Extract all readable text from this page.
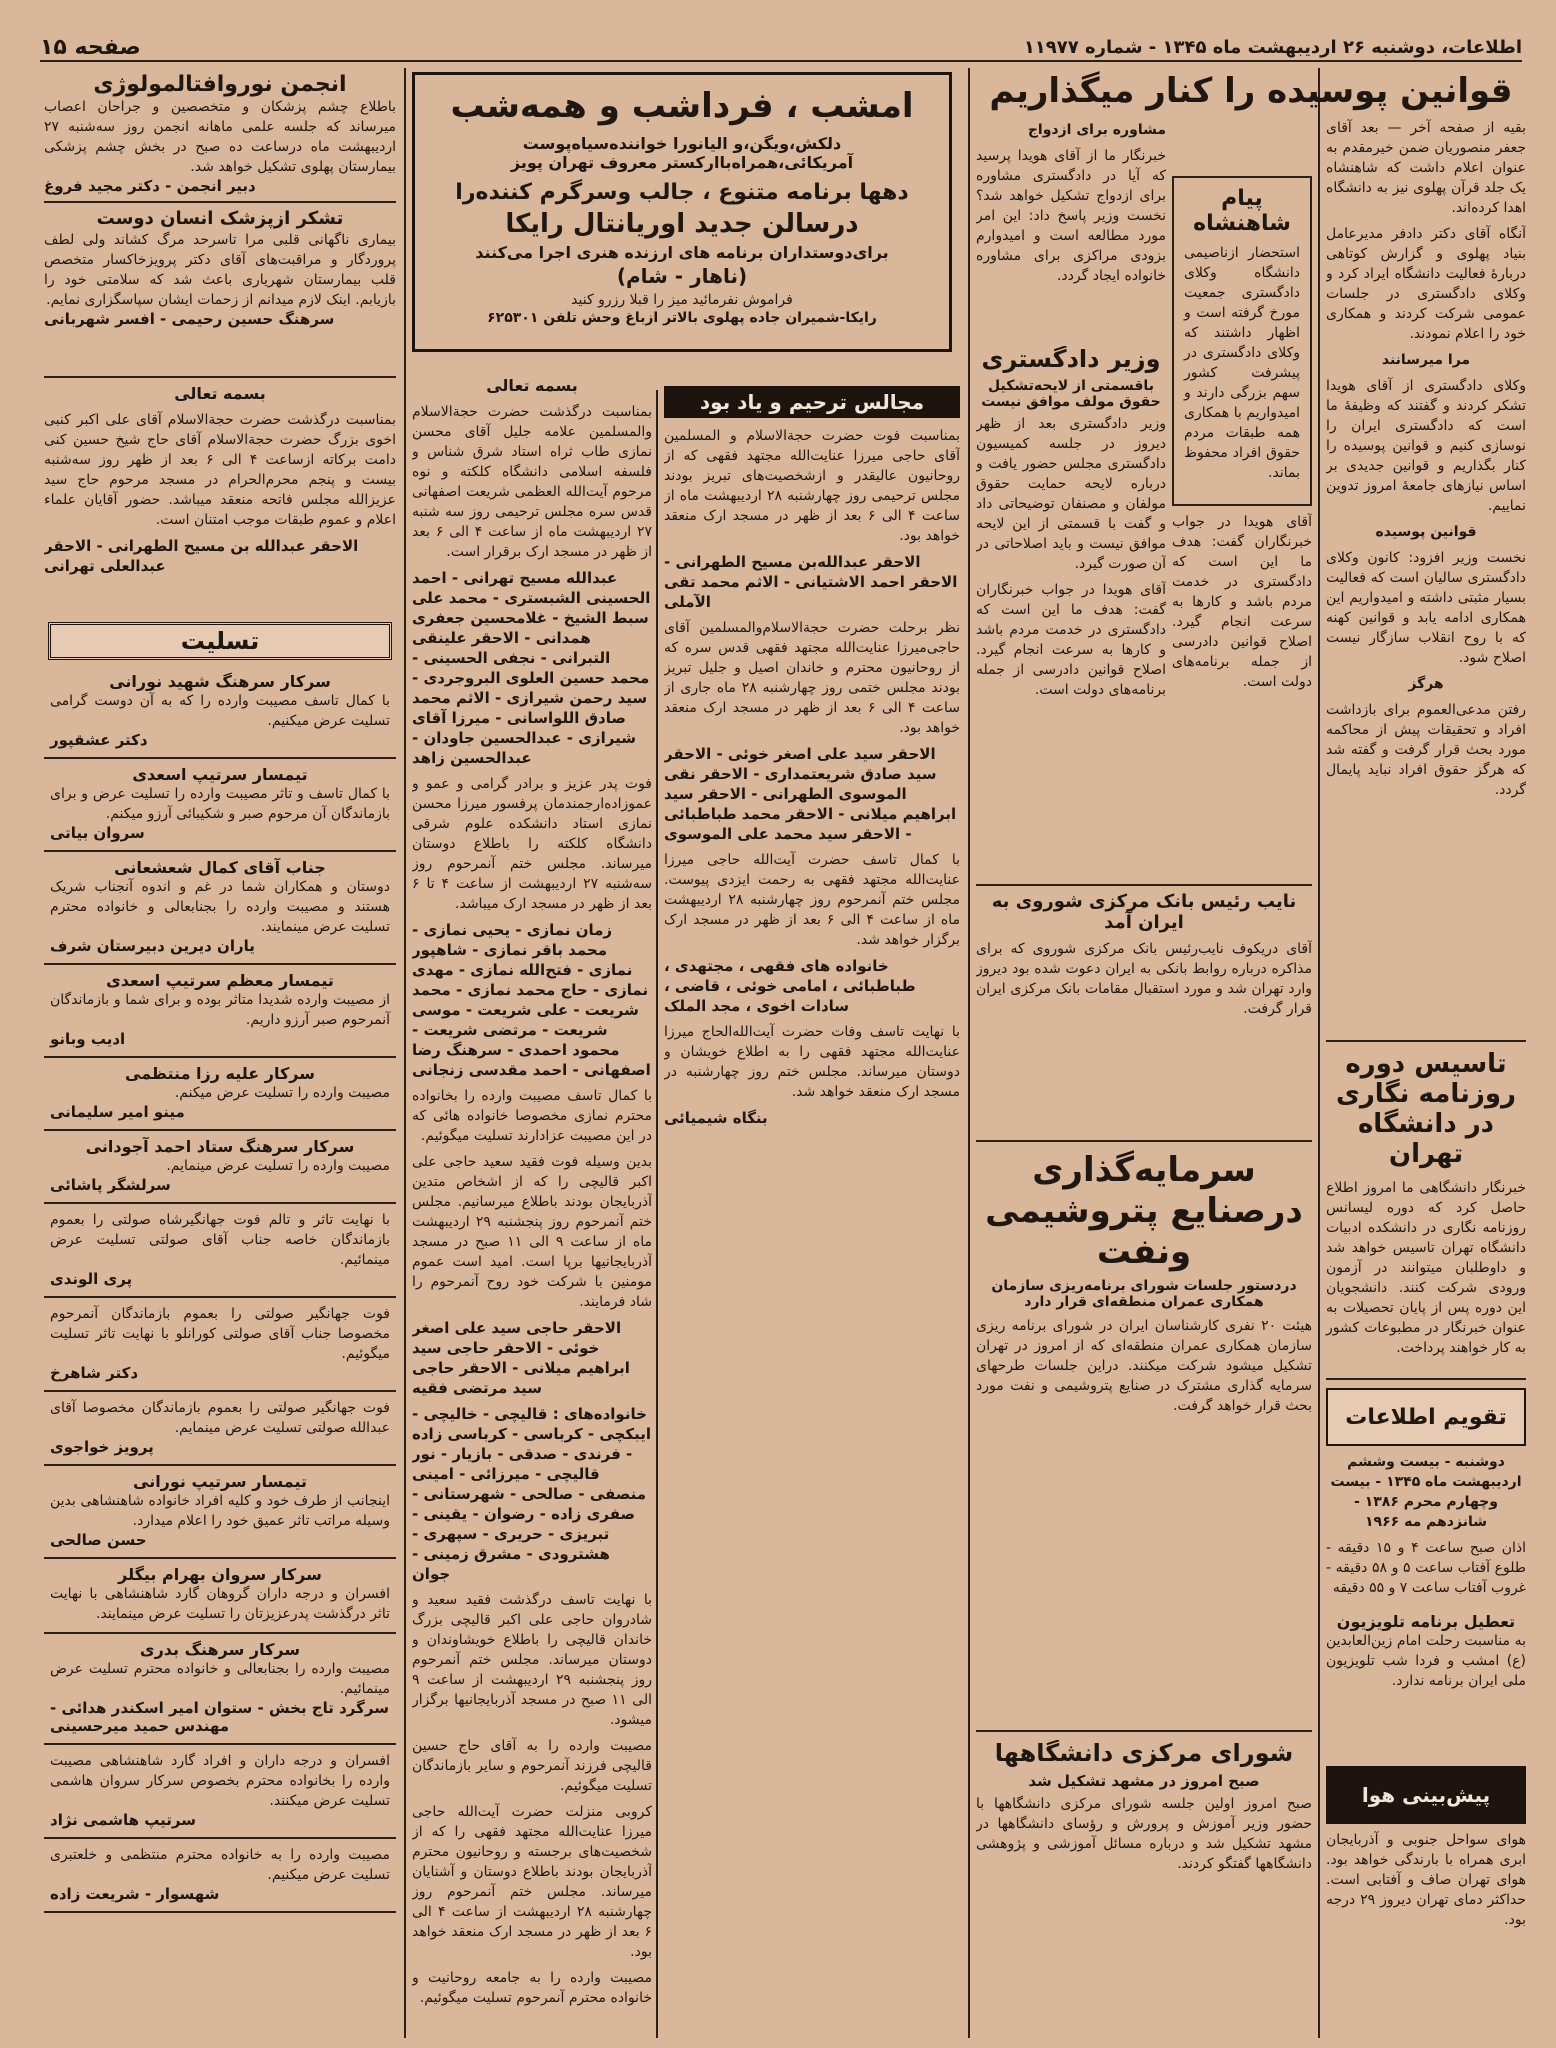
اطلاعات، دوشنبه ۲۶ اردیبهشت ماه ۱۳۴۵ - شماره ۱۱۹۷۷
صفحه ۱۵
قوانین پوسیده را کنار میگذاریم

بقیه از صفحه آخر — بعد آقای جعفر منصوریان ضمن خیرمقدم به عنوان اعلام داشت که شاهنشاه یک جلد قرآن پهلوی نیز به دانشگاه اهدا کرده‌اند.

آنگاه آقای دکتر دادفر مدیرعامل بنیاد پهلوی و گزارش کوتاهی دربارهٔ فعالیت دانشگاه ایراد کرد و وکلای دادگستری در جلسات عمومی شرکت کردند و همکاری خود را اعلام نمودند.

مرا میرسانند

وکلای دادگستری از آقای هویدا تشکر کردند و گفتند که وظیفهٔ ما است که دادگستری ایران را نوسازی کنیم و قوانین پوسیده را کنار بگذاریم و قوانین جدیدی بر اساس نیازهای جامعهٔ امروز تدوین نماییم.

قوانین پوسیده

نخست وزیر افزود: کانون وکلای دادگستری سالیان است که فعالیت بسیار مثبتی داشته و امیدواریم این همکاری ادامه یابد و قوانین کهنه که با روح انقلاب سازگار نیست اصلاح شود.

هرگز

رفتن مدعی‌العموم برای بازداشت افراد و تحقیقات پیش از محاکمه مورد بحث قرار گرفت و گفته شد که هرگز حقوق افراد نباید پایمال گردد.

تاسیس دوره روزنامه نگاری در دانشگاه تهران
خبرنگار دانشگاهی ما امروز اطلاع حاصل کرد که دوره لیسانس روزنامه نگاری در دانشکده ادبیات دانشگاه تهران تاسیس خواهد شد و داوطلبان میتوانند در آزمون ورودی شرکت کنند. دانشجویان این دوره پس از پایان تحصیلات به عنوان خبرنگار در مطبوعات کشور به کار خواهند پرداخت.
تقویم اطلاعات
دوشنبه - بیست وششم اردیبهشت ماه ۱۳۴۵ - بیست وچهارم محرم ۱۳۸۶ - شانزدهم مه ۱۹۶۶
اذان صبح ساعت ۴ و ۱۵ دقیقه - طلوع آفتاب ساعت ۵ و ۵۸ دقیقه - غروب آفتاب ساعت ۷ و ۵۵ دقیقه
تعطیل برنامه تلویزیون
به مناسبت رحلت امام زین‌العابدین (ع) امشب و فردا شب تلویزیون ملی ایران برنامه ندارد.
پیش‌بینی هوا
هوای سواحل جنوبی و آذربایجان ابری همراه با بارندگی خواهد بود. هوای تهران صاف و آفتابی است. حداکثر دمای تهران دیروز ۲۹ درجه بود.

مشاوره برای ازدواج

خبرنگار ما از آقای هویدا پرسید که آیا در دادگستری مشاوره برای ازدواج تشکیل خواهد شد؟ نخست وزیر پاسخ داد: این امر مورد مطالعه است و امیدوارم بزودی مراکزی برای مشاوره خانواده ایجاد گردد.

پیام شاهنشاه
استحضار ازناصیمی دانشگاه وکلای دادگستری جمعیت مورخ گرفته است و اظهار داشتند که وکلای دادگستری در پیشرفت کشور سهم بزرگی دارند و امیدواریم با همکاری همه طبقات مردم حقوق افراد محفوظ بماند.
وزیر دادگستری
باقسمتی از لایحه‌تشکیل حقوق مولف موافق نیست
وزیر دادگستری بعد از ظهر دیروز در جلسه کمیسیون دادگستری مجلس حضور یافت و درباره لایحه حمایت حقوق مولفان و مصنفان توضیحاتی داد و گفت با قسمتی از این لایحه موافق نیست و باید اصلاحاتی در آن صورت گیرد.
آقای هویدا در جواب خبرنگاران گفت: هدف ما این است که دادگستری در خدمت مردم باشد و کارها به سرعت انجام گیرد. اصلاح قوانین دادرسی از جمله برنامه‌های دولت است.

آقای هویدا در جواب خبرنگاران گفت: هدف ما این است که دادگستری در خدمت مردم باشد و کارها به سرعت انجام گیرد. اصلاح قوانین دادرسی از جمله برنامه‌های دولت است.

نایب رئیس بانک مرکزی شوروی به ایران آمد
آقای دریکوف نایب‌رئیس بانک مرکزی شوروی که برای مذاکره درباره روابط بانکی به ایران دعوت شده بود دیروز وارد تهران شد و مورد استقبال مقامات بانک مرکزی ایران قرار گرفت.
سرمایه‌گذاری درصنایع پتروشیمی ونفت
دردستور جلسات شورای برنامه‌ریزی سازمان همکاری عمران منطقه‌ای قرار دارد
هیئت ۲۰ نفری کارشناسان ایران در شورای برنامه ریزی سازمان همکاری عمران منطقه‌ای که از امروز در تهران تشکیل میشود شرکت میکنند. دراین جلسات طرحهای سرمایه گذاری مشترک در صنایع پتروشیمی و نفت مورد بحث قرار خواهد گرفت.
شورای مرکزی دانشگاهها
صبح امروز در مشهد تشکیل شد
صبح امروز اولین جلسه شورای مرکزی دانشگاهها با حضور وزیر آموزش و پرورش و رؤسای دانشگاهها در مشهد تشکیل شد و درباره مسائل آموزشی و پژوهشی دانشگاهها گفتگو کردند.
امشب ، فرداشب و همه‌شب
دلکش،ویگن،و الیانورا خواننده‌سیاه‌پوست آمریکائی،همراه‌باارکستر معروف تهران‌ پویز
دهها برنامه متنوع ، جالب وسرگرم کننده‌را
درسالن جدید اوریانتال رایکا
برای‌دوستداران برنامه های ارزنده هنری اجرا می‌کنند
(ناهار - شام)
فراموش نفرمائید میز را قبلا رزرو کنید
رایکا-شمیران جاده پهلوی بالاتر ازباغ وحش تلفن ۶۲۵۳۰۱
مجالس ترحیم و یاد بود

بمناسبت فوت حضرت حجة‌الاسلام و المسلمین آقای حاجی میرزا عنایت‌الله مجتهد فقهی که از روحانیون عالیقدر و ازشخصیت‌های تبریز بودند مجلس ترحیمی روز چهارشنبه ۲۸ اردیبهشت ماه از ساعت ۴ الی ۶ بعد از ظهر در مسجد ارک منعقد خواهد بود.

الاحقر عبدالله‌بن مسیح الطهرانی - الاحقر احمد الاشتیانی - الاثم محمد تقی الآملی

نظر برحلت حضرت حجة‌الاسلام‌والمسلمین آقای حاجی‌میرزا عنایت‌الله مجتهد فقهی قدس سره که از روحانیون محترم و خاندان اصیل و جلیل تبریز بودند مجلس ختمی روز چهارشنبه ۲۸ ماه جاری از ساعت ۴ الی ۶ بعد از ظهر در مسجد ارک منعقد خواهد بود.

الاحقر سید علی اصغر خوئی - الاحقر سید صادق شریعتمداری - الاحقر نقی الموسوی الطهرانی - الاحقر سید ابراهیم میلانی - الاحقر محمد طباطبائی - الاحقر سید محمد علی الموسوی

با کمال تاسف حضرت آیت‌الله حاجی میرزا عنایت‌الله مجتهد فقهی به رحمت ایزدی پیوست. مجلس ختم آنمرحوم روز چهارشنبه ۲۸ اردیبهشت ماه از ساعت ۴ الی ۶ بعد از ظهر در مسجد ارک برگزار خواهد شد.

خانواده های فقهی ، مجتهدی ، طباطبائی ، امامی خوئی ، قاضی ، سادات اخوی ، مجد الملک

با نهایت تاسف وفات حضرت آیت‌الله‌الحاج میرزا عنایت‌الله مجتهد فقهی را به اطلاع خویشان و دوستان میرساند. مجلس ختم روز چهارشنبه در مسجد ارک منعقد خواهد شد.

بنگاه شیمیائی

بسمه تعالی

بمناسبت درگذشت حضرت حجة‌الاسلام والمسلمین علامه جلیل آقای محسن نمازی طاب ثراه استاد شرق شناس و فلسفه اسلامی دانشگاه کلکته و نوه مرحوم آیت‌الله العظمی شریعت اصفهانی قدس سره مجلس ترحیمی روز سه شنبه ۲۷ اردیبهشت ماه از ساعت ۴ الی ۶ بعد از ظهر در مسجد ارک برقرار است.

عبدالله مسیح تهرانی - احمد الحسینی الشبستری - محمد علی سبط الشیخ - غلامحسین جعفری همدانی - الاحقر علینقی التبرانی - نجفی الحسینی - محمد حسین العلوی البروجردی - سید رحمن شیرازی - الاثم محمد صادق اللواسانی - میرزا آقای شیرازی - عبدالحسین جاودان - عبدالحسین زاهد

فوت پدر عزیز و برادر گرامی و عمو و عموزاده‌ارجمندمان پرفسور میرزا محسن نمازی استاد دانشکده علوم شرقی دانشگاه کلکته را باطلاع دوستان میرساند. مجلس ختم آنمرحوم روز سه‌شنبه ۲۷ اردیبهشت از ساعت ۴ تا ۶ بعد از ظهر در مسجد ارک میباشد.

زمان نمازی - یحیی نمازی - محمد باقر نمازی - شاهپور نمازی - فتح‌الله نمازی - مهدی نمازی - حاج محمد نمازی - محمد شریعت - علی شریعت - موسی شریعت - مرتضی شریعت - محمود احمدی - سرهنگ رضا اصفهانی - احمد مقدسی زنجانی

با کمال تاسف مصیبت وارده را بخانواده محترم نمازی مخصوصا خانواده هائی که در این مصیبت عزادارند تسلیت میگوئیم.

بدین وسیله فوت فقید سعید حاجی علی اکبر قالیچی را که از اشخاص متدین آذربایجان بودند باطلاع میرسانیم. مجلس ختم آنمرحوم روز پنجشنبه ۲۹ اردیبهشت ماه از ساعت ۹ الی ۱۱ صبح در مسجد آذربایجانیها برپا است. امید است عموم مومنین با شرکت خود روح آنمرحوم را شاد فرمایند.

الاحقر حاجی سید علی اصغر خوئی - الاحقر حاجی سید ابراهیم میلانی - الاحقر حاجی سید مرتضی فقیه

خانواده‌های : قالیچی - خالیچی - ایبکچی - کرباسی - کرباسی زاده - فرندی - صدقی - بازیار - نور قالیچی - میرزائی - امینی منصفی - صالحی - شهرستانی - صفری زاده - رضوان - یقینی - تبریزی - حریری - سپهری - هشترودی - مشرق زمینی - جوان

با نهایت تاسف درگذشت فقید سعید و شادروان حاجی علی اکبر قالیچی بزرگ خاندان قالیچی را باطلاع خویشاوندان و دوستان میرساند. مجلس ختم آنمرحوم روز پنجشنبه ۲۹ اردیبهشت از ساعت ۹ الی ۱۱ صبح در مسجد آذربایجانیها برگزار میشود.

مصیبت وارده را به آقای حاج حسین قالیچی فرزند آنمرحوم و سایر بازماندگان تسلیت میگوئیم.

کروبی منزلت حضرت آیت‌الله حاجی میرزا عنایت‌الله مجتهد فقهی را که از شخصیت‌های برجسته و روحانیون محترم آذربایجان بودند باطلاع دوستان و آشنایان میرساند. مجلس ختم آنمرحوم روز چهارشنبه ۲۸ اردیبهشت از ساعت ۴ الی ۶ بعد از ظهر در مسجد ارک منعقد خواهد بود.

مصیبت وارده را به جامعه روحانیت و خانواده محترم آنمرحوم تسلیت میگوئیم.

انجمن نوروافتالمولوژی
باطلاع چشم پزشکان و متخصصین و جراحان اعصاب میرساند که جلسه علمی ماهانه انجمن روز سه‌شنبه ۲۷ اردیبهشت ماه درساعت ده صبح در بخش چشم پزشکی بیمارستان پهلوی تشکیل خواهد شد.
دبیر انجمن - دکتر مجید فروغ
تشکر ازپزشک انسان دوست
بیماری ناگهانی قلبی مرا تاسرحد مرگ کشاند ولی لطف پروردگار و مراقبت‌های آقای دکتر پرویزخاکسار متخصص قلب بیمارستان شهریاری باعث شد که سلامتی خود را بازیابم. اینک لازم میدانم از زحمات ایشان سپاسگزاری نمایم.
سرهنگ حسین رحیمی - افسر شهربانی

بسمه تعالی

بمناسبت درگذشت حضرت حجة‌الاسلام آقای علی اکبر کنبی اخوی بزرگ حضرت حجة‌الاسلام آقای حاج شیخ حسین کنی دامت برکاته ازساعت ۴ الی ۶ بعد از ظهر روز سه‌شنبه بیست و پنجم محرم‌الحرام در مسجد مرحوم حاج سید عزیزالله مجلس فاتحه منعقد میباشد. حضور آقایان علماء اعلام و عموم طبقات موجب امتنان است.

الاحقر عبدالله بن مسیح الطهرانی - الاحقر عبدالعلی تهرانی

تسلیت
سرکار سرهنگ شهید نورانی
با کمال تاسف مصیبت وارده را که به آن دوست گرامی تسلیت عرض میکنیم.
دکتر عشقپور
تیمسار سرتیپ اسعدی
با کمال تاسف و تاثر مصیبت وارده را تسلیت عرض و برای بازماندگان آن مرحوم صبر و شکیبائی آرزو میکنم.
سروان بیاتی
جناب آقای کمال شعشعانی
دوستان و همکاران شما در غم و اندوه آنجناب شریک هستند و مصیبت وارده را بجنابعالی و خانواده محترم تسلیت عرض مینمایند.
یاران دیرین دبیرستان شرف
تیمسار معظم سرتیپ اسعدی
از مصیبت وارده شدیدا متاثر بوده و برای شما و بازماندگان آنمرحوم صبر آرزو داریم.
ادیب وبانو
سرکار علیه رزا منتظمی
مصیبت وارده را تسلیت عرض میکنم.
مینو امیر سلیمانی
سرکار سرهنگ ستاد احمد آجودانی
مصیبت وارده را تسلیت عرض مینمایم.
سرلشگر پاشائی
با نهایت تاثر و تالم فوت جهانگیرشاه صولتی را بعموم بازماندگان خاصه جناب آقای صولتی تسلیت عرض مینمائیم.
پری الوندی
فوت جهانگیر صولتی را بعموم بازماندگان آنمرحوم مخصوصا جناب آقای صولتی کورانلو با نهایت تاثر تسلیت میگوئیم.
دکتر شاهرخ
فوت جهانگیر صولتی را بعموم بازماندگان مخصوصا آقای عبدالله صولتی تسلیت عرض مینمایم.
پرویز خواجوی
تیمسار سرتیپ نورانی
اینجانب از طرف خود و کلیه افراد خانواده شاهنشاهی بدین وسیله مراتب تاثر عمیق خود را اعلام میدارد.
حسن صالحی
سرکار سروان بهرام بیگلر
افسران و درجه داران گروهان گارد شاهنشاهی با نهایت تاثر درگذشت پدرعزیزتان را تسلیت عرض مینمایند.
سرکار سرهنگ بدری
مصیبت وارده را بجنابعالی و خانواده محترم تسلیت عرض مینمائیم.
سرگرد تاج بخش - ستوان امیر اسکندر هدائی - مهندس حمید میرحسینی
افسران و درجه داران و افراد گارد شاهنشاهی مصیبت وارده را بخانواده محترم بخصوص سرکار سروان هاشمی تسلیت عرض میکنند.
سرتیپ هاشمی نژاد
مصیبت وارده را به خانواده محترم منتظمی و خلعتبری تسلیت عرض میکنیم.
شهسوار - شریعت زاده
